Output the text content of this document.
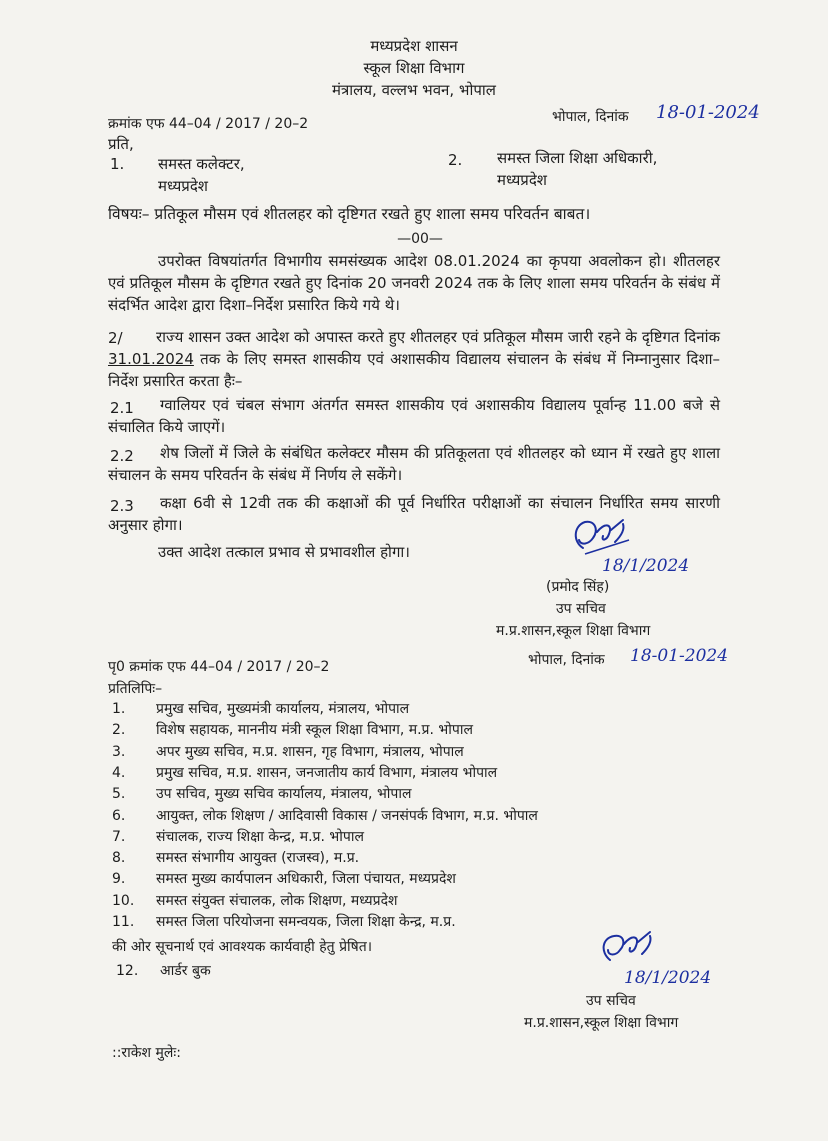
मध्यप्रदेश शासन
स्कूल शिक्षा विभाग
मंत्रालय, वल्लभ भवन, भोपाल
क्रमांक एफ 44–04 / 2017 / 20–2	भोपाल, दिनांक 18-01-2024
प्रति,
1. समस्त कलेक्टर,
मध्यप्रदेश
2. समस्त जिला शिक्षा अधिकारी,
मध्यप्रदेश
विषयः– प्रतिकूल मौसम एवं शीतलहर को दृष्टिगत रखते हुए शाला समय परिवर्तन बाबत।
—00—
उपरोक्त विषयांतर्गत विभागीय समसंख्यक आदेश 08.01.2024 का कृपया अवलोकन हो। शीतलहर एवं प्रतिकूल मौसम के दृष्टिगत रखते हुए दिनांक 20 जनवरी 2024 तक के लिए शाला समय परिवर्तन के संबंध में संदर्भित आदेश द्वारा दिशा–निर्देश प्रसारित किये गये थे।
2/	राज्य शासन उक्त आदेश को अपास्त करते हुए शीतलहर एवं प्रतिकूल मौसम जारी रहने के दृष्टिगत दिनांक 31.01.2024 तक के लिए समस्त शासकीय एवं अशासकीय विद्यालय संचालन के संबंध में निम्नानुसार दिशा–निर्देश प्रसारित करता हैः–
2.1	ग्वालियर एवं चंबल संभाग अंतर्गत समस्त शासकीय एवं अशासकीय विद्यालय पूर्वान्ह 11.00 बजे से संचालित किये जाएगें।
2.2	शेष जिलों में जिले के संबंधित कलेक्टर मौसम की प्रतिकूलता एवं शीतलहर को ध्यान में रखते हुए शाला संचालन के समय परिवर्तन के संबंध में निर्णय ले सकेंगे।
2.3	कक्षा 6वी से 12वी तक की कक्षाओं की पूर्व निर्धारित परीक्षाओं का संचालन निर्धारित समय सारणी अनुसार होगा।
उक्त आदेश तत्काल प्रभाव से प्रभावशील होगा।
18/1/2024
(प्रमोद सिंह)
उप सचिव
म.प्र.शासन,स्कूल शिक्षा विभाग
पृ0 क्रमांक एफ 44–04 / 2017 / 20–2	भोपाल, दिनांक 18-01-2024
प्रतिलिपिः–
1. प्रमुख सचिव, मुख्यमंत्री कार्यालय, मंत्रालय, भोपाल
2. विशेष सहायक, माननीय मंत्री स्कूल शिक्षा विभाग, म.प्र. भोपाल
3. अपर मुख्य सचिव, म.प्र. शासन, गृह विभाग, मंत्रालय, भोपाल
4. प्रमुख सचिव, म.प्र. शासन, जनजातीय कार्य विभाग, मंत्रालय भोपाल
5. उप सचिव, मुख्य सचिव कार्यालय, मंत्रालय, भोपाल
6. आयुक्त, लोक शिक्षण / आदिवासी विकास / जनसंपर्क विभाग, म.प्र. भोपाल
7. संचालक, राज्य शिक्षा केन्द्र, म.प्र. भोपाल
8. समस्त संभागीय आयुक्त (राजस्व), म.प्र.
9. समस्त मुख्य कार्यपालन अधिकारी, जिला पंचायत, मध्यप्रदेश
10. समस्त संयुक्त संचालक, लोक शिक्षण, मध्यप्रदेश
11. समस्त जिला परियोजना समन्वयक, जिला शिक्षा केन्द्र, म.प्र.
की ओर सूचनार्थ एवं आवश्यक कार्यवाही हेतु प्रेषित।
12. आर्डर बुक	18/1/2024
उप सचिव
म.प्र.शासन,स्कूल शिक्षा विभाग
::राकेश मुलेः:
